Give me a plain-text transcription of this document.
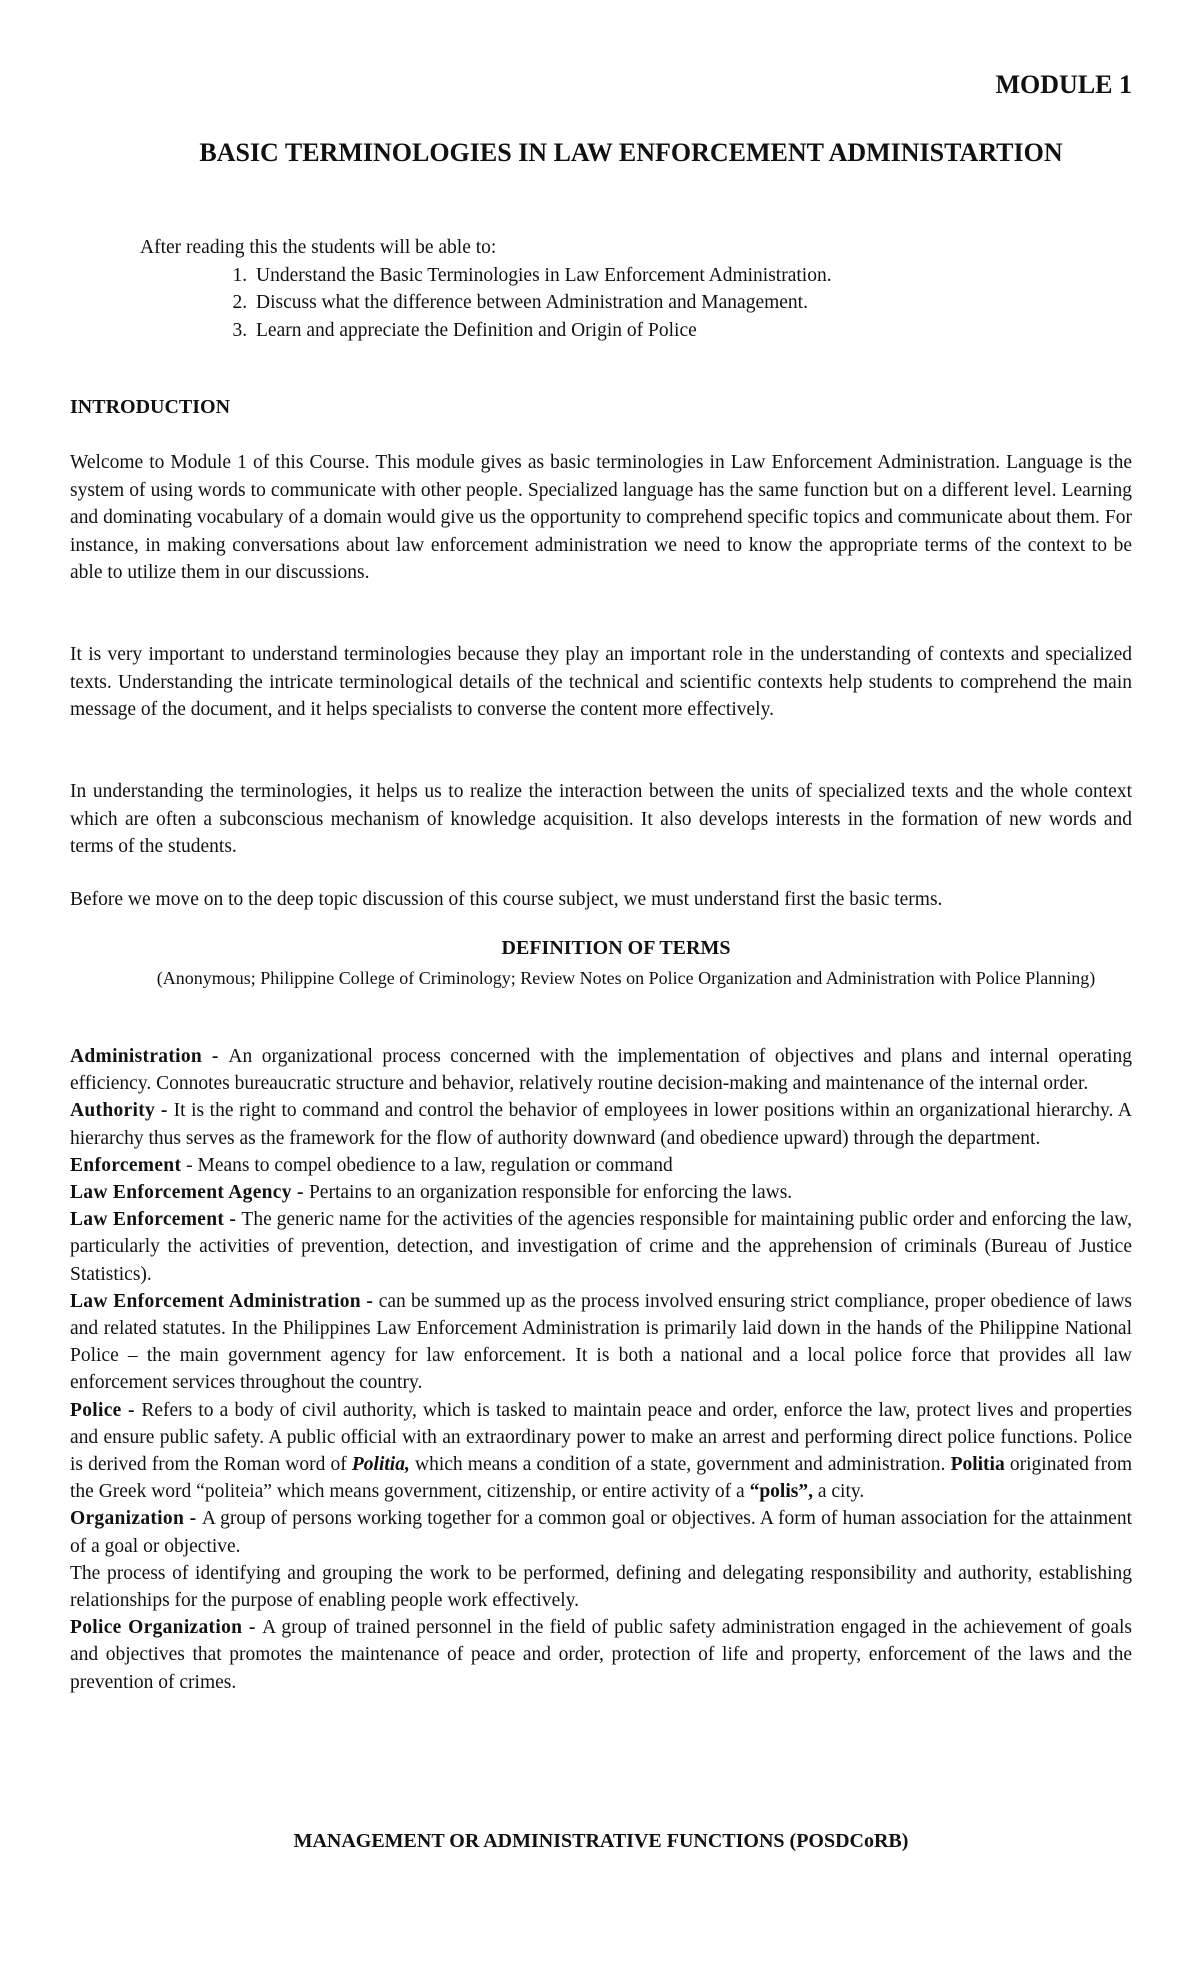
MODULE 1

BASIC TERMINOLOGIES IN LAW ENFORCEMENT ADMINISTARTION

After reading this the students will be able to:
1. Understand the Basic Terminologies in Law Enforcement Administration.
2. Discuss what the difference between Administration and Management.
3. Learn and appreciate the Definition and Origin of Police

INTRODUCTION

Welcome to Module 1 of this Course. This module gives as basic terminologies in Law Enforcement Administration. Language is the system of using words to communicate with other people. Specialized language has the same function but on a different level. Learning and dominating vocabulary of a domain would give us the opportunity to comprehend specific topics and communicate about them. For instance, in making conversations about law enforcement administration we need to know the appropriate terms of the context to be able to utilize them in our discussions.

It is very important to understand terminologies because they play an important role in the understanding of contexts and specialized texts. Understanding the intricate terminological details of the technical and scientific contexts help students to comprehend the main message of the document, and it helps specialists to converse the content more effectively.

In understanding the terminologies, it helps us to realize the interaction between the units of specialized texts and the whole context which are often a subconscious mechanism of knowledge acquisition. It also develops interests in the formation of new words and terms of the students.

Before we move on to the deep topic discussion of this course subject, we must understand first the basic terms.

DEFINITION OF TERMS

(Anonymous; Philippine College of Criminology; Review Notes on Police Organization and Administration with Police Planning)

Administration - An organizational process concerned with the implementation of objectives and plans and internal operating efficiency. Connotes bureaucratic structure and behavior, relatively routine decision-making and maintenance of the internal order.

Authority - It is the right to command and control the behavior of employees in lower positions within an organizational hierarchy. A hierarchy thus serves as the framework for the flow of authority downward (and obedience upward) through the department.

Enforcement - Means to compel obedience to a law, regulation or command

Law Enforcement Agency - Pertains to an organization responsible for enforcing the laws.

Law Enforcement - The generic name for the activities of the agencies responsible for maintaining public order and enforcing the law, particularly the activities of prevention, detection, and investigation of crime and the apprehension of criminals (Bureau of Justice Statistics).

Law Enforcement Administration - can be summed up as the process involved ensuring strict compliance, proper obedience of laws and related statutes. In the Philippines Law Enforcement Administration is primarily laid down in the hands of the Philippine National Police – the main government agency for law enforcement. It is both a national and a local police force that provides all law enforcement services throughout the country.

Police - Refers to a body of civil authority, which is tasked to maintain peace and order, enforce the law, protect lives and properties and ensure public safety. A public official with an extraordinary power to make an arrest and performing direct police functions. Police is derived from the Roman word of Politia, which means a condition of a state, government and administration. Politia originated from the Greek word “politeia” which means government, citizenship, or entire activity of a “polis”, a city.

Organization - A group of persons working together for a common goal or objectives. A form of human association for the attainment of a goal or objective.

The process of identifying and grouping the work to be performed, defining and delegating responsibility and authority, establishing relationships for the purpose of enabling people work effectively.

Police Organization - A group of trained personnel in the field of public safety administration engaged in the achievement of goals and objectives that promotes the maintenance of peace and order, protection of life and property, enforcement of the laws and the prevention of crimes.

MANAGEMENT OR ADMINISTRATIVE FUNCTIONS (POSDCoRB)
